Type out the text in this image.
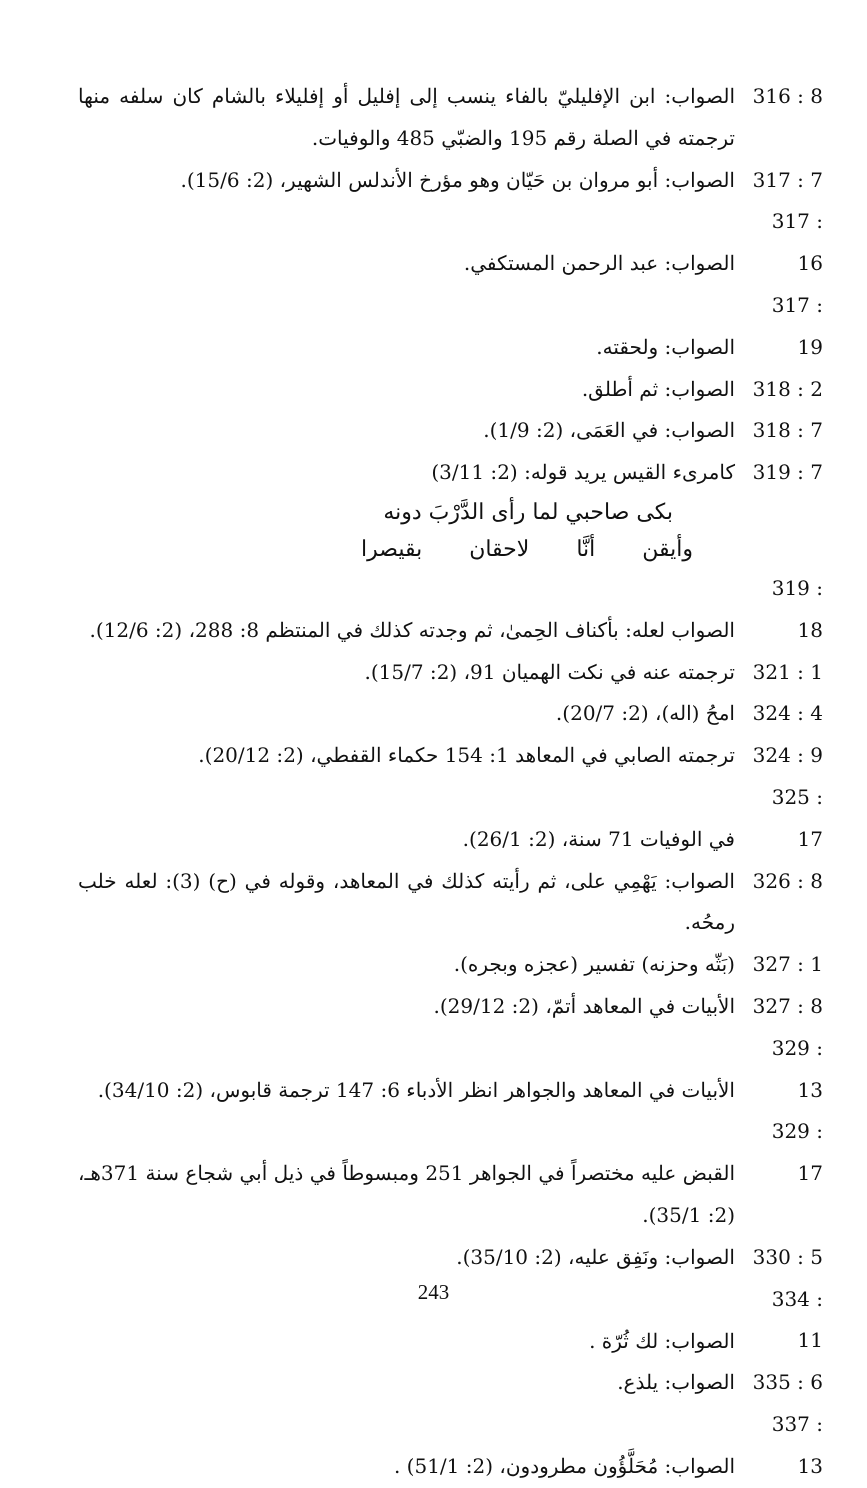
316 : 8الصواب: ابن الإفليليّ بالفاء ينسب إلى إفليل أو إفليلاء بالشام كان سلفه منها ترجمته في الصلة رقم 195 والضبّي 485 والوفيات.
317 : 7الصواب: أبو مروان بن حَيّان وهو مؤرخ الأندلس الشهير، (2: 15/6).
317 : 16الصواب: عبد الرحمن المستكفي.
317 : 19الصواب: ولحقته.
318 : 2الصواب: ثم أطلق.
318 : 7الصواب: في العَمَى، (2: 1/9).
319 : 7كامرىء القيس يريد قوله: (2: 3/11)
بكى صاحبي لما رأى الدَّرْبَ دونه
وأيقن أنَّا لاحقان بقيصرا
319 : 18الصواب لعله: بأكناف الحِمىٰ، ثم وجدته كذلك في المنتظم 8: 288، (2: 12/6).
321 : 1ترجمته عنه في نكت الهميان 91، (2: 15/7).
324 : 4امحُ (اله)، (2: 20/7).
324 : 9ترجمته الصابي في المعاهد 1: 154 حكماء القفطي، (2: 20/12).
325 : 17في الوفيات 71 سنة، (2: 26/1).
326 : 8الصواب: يَهْمِي على، ثم رأيته كذلك في المعاهد، وقوله في (ح) (3): لعله خلب رمحُه.
327 : 1(بَثّه وحزنه) تفسير (عجزه وبجره).
327 : 8الأبيات في المعاهد أتمّ، (2: 29/12).
329 : 13الأبيات في المعاهد والجواهر انظر الأدباء 6: 147 ترجمة قابوس، (2: 34/10).
329 : 17القبض عليه مختصراً في الجواهر 251 ومبسوطاً في ذيل أبي شجاع سنة 371هـ، (2: 35/1).
330 : 5الصواب: ونَفِق عليه، (2: 35/10).
334 : 11الصواب: لك ثُرّة .
335 : 6الصواب: يلذع.
337 : 13الصواب: مُحَلَّؤُون مطرودون، (2: 51/1) .
243
